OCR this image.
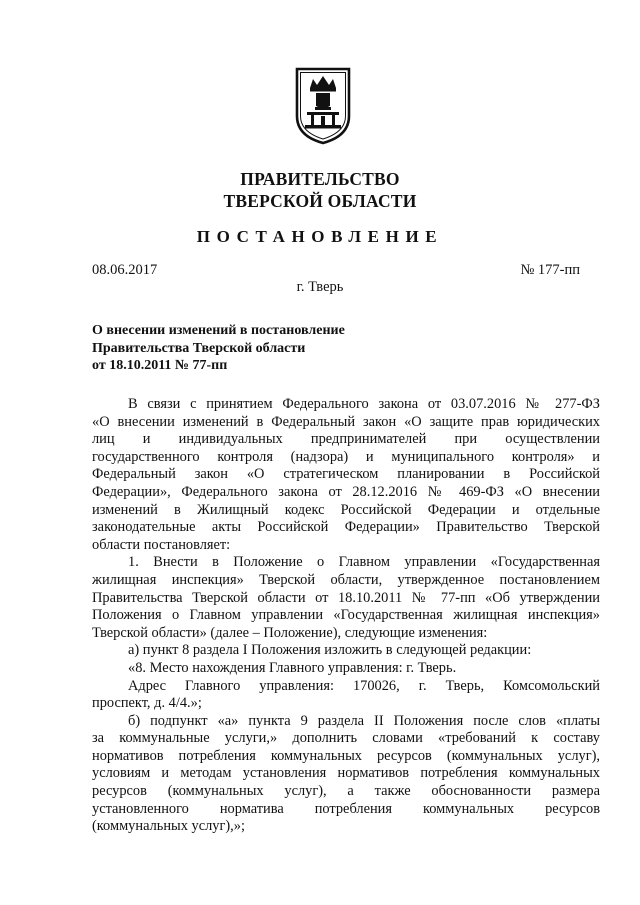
ПРАВИТЕЛЬСТВО
ТВЕРСКОЙ ОБЛАСТИ
ПОСТАНОВЛЕНИЕ
08.06.2017	№ 177-пп
г. Тверь
О внесении изменений в постановление
Правительства Тверской области
от 18.10.2011 № 77-пп
В связи с принятием Федерального закона от 03.07.2016 № 277-ФЗ
«О внесении изменений в Федеральный закон «О защите прав юридических
лиц и индивидуальных предпринимателей при осуществлении
государственного контроля (надзора) и муниципального контроля» и
Федеральный закон «О стратегическом планировании в Российской
Федерации», Федерального закона от 28.12.2016 № 469-ФЗ «О внесении
изменений в Жилищный кодекс Российской Федерации и отдельные
законодательные акты Российской Федерации» Правительство Тверской
области постановляет:
1. Внести в Положение о Главном управлении «Государственная
жилищная инспекция» Тверской области, утвержденное постановлением
Правительства Тверской области от 18.10.2011 № 77-пп «Об утверждении
Положения о Главном управлении «Государственная жилищная инспекция»
Тверской области» (далее – Положение), следующие изменения:
а) пункт 8 раздела I Положения изложить в следующей редакции:
«8. Место нахождения Главного управления: г. Тверь.
Адрес Главного управления: 170026, г. Тверь, Комсомольский
проспект, д. 4/4.»;
б) подпункт «а» пункта 9 раздела II Положения после слов «платы
за коммунальные услуги,» дополнить словами «требований к составу
нормативов потребления коммунальных ресурсов (коммунальных услуг),
условиям и методам установления нормативов потребления коммунальных
ресурсов (коммунальных услуг), а также обоснованности размера
установленного норматива потребления коммунальных ресурсов
(коммунальных услуг),»;
